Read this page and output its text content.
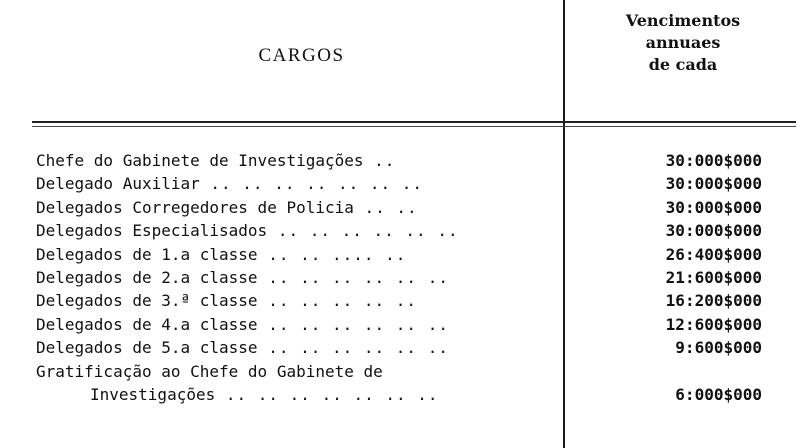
CARGOS
Vencimentos
annuaes
de cada
Chefe do Gabinete de Investigações ..	30:000$000
Delegado Auxiliar .. .. .. .. .. .. ..	30:000$000
Delegados Corregedores de Policia .. ..	30:000$000
Delegados Especialisados .. .. .. .. .. ..	30:000$000
Delegados de 1.a classe .. .. .... ..	26:400$000
Delegados de 2.a classe .. .. .. .. .. ..	21:600$000
Delegados de 3.ª classe .. .. .. .. ..	16:200$000
Delegados de 4.a classe .. .. .. .. .. ..	12:600$000
Delegados de 5.a classe .. .. .. .. .. ..	9:600$000
Gratificação ao Chefe do Gabinete de
Investigações .. .. .. .. .. .. ..	6:000$000
